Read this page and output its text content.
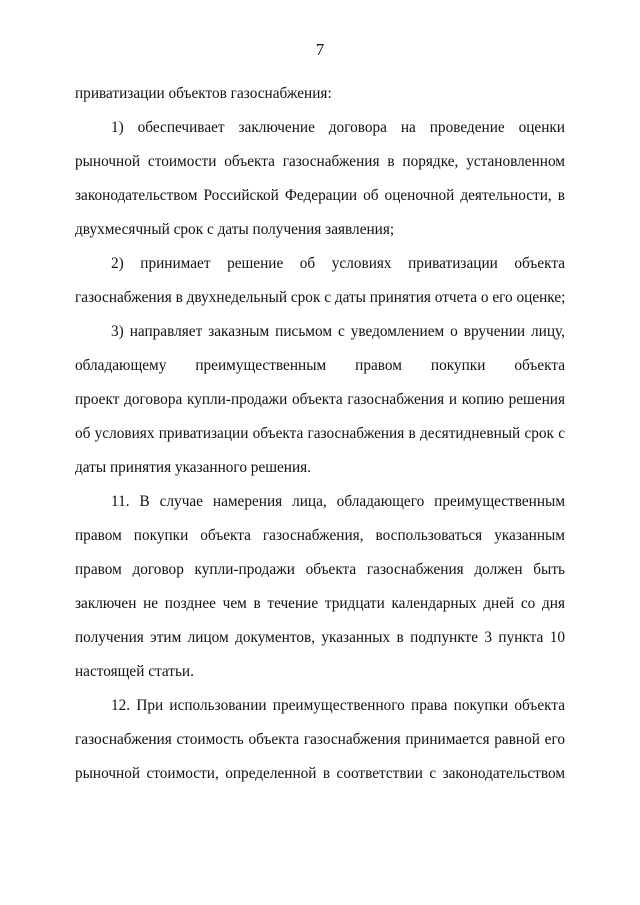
7
приватизации объектов газоснабжения:
1) обеспечивает заключение договора на проведение оценки
рыночной стоимости объекта газоснабжения в порядке, установленном
законодательством Российской Федерации об оценочной деятельности, в
двухмесячный срок с даты получения заявления;
2) принимает решение об условиях приватизации объекта
газоснабжения в двухнедельный срок с даты принятия отчета о его оценке;
3) направляет заказным письмом с уведомлением о вручении лицу,
обладающему преимущественным правом покупки объекта
проект договора купли-продажи объекта газоснабжения и копию решения
об условиях приватизации объекта газоснабжения в десятидневный срок с
даты принятия указанного решения.
11. В случае намерения лица, обладающего преимущественным
правом покупки объекта газоснабжения, воспользоваться указанным
правом договор купли-продажи объекта газоснабжения должен быть
заключен не позднее чем в течение тридцати календарных дней со дня
получения этим лицом документов, указанных в подпункте 3 пункта 10
настоящей статьи.
12. При использовании преимущественного права покупки объекта
газоснабжения стоимость объекта газоснабжения принимается равной его
рыночной стоимости, определенной в соответствии с законодательством
